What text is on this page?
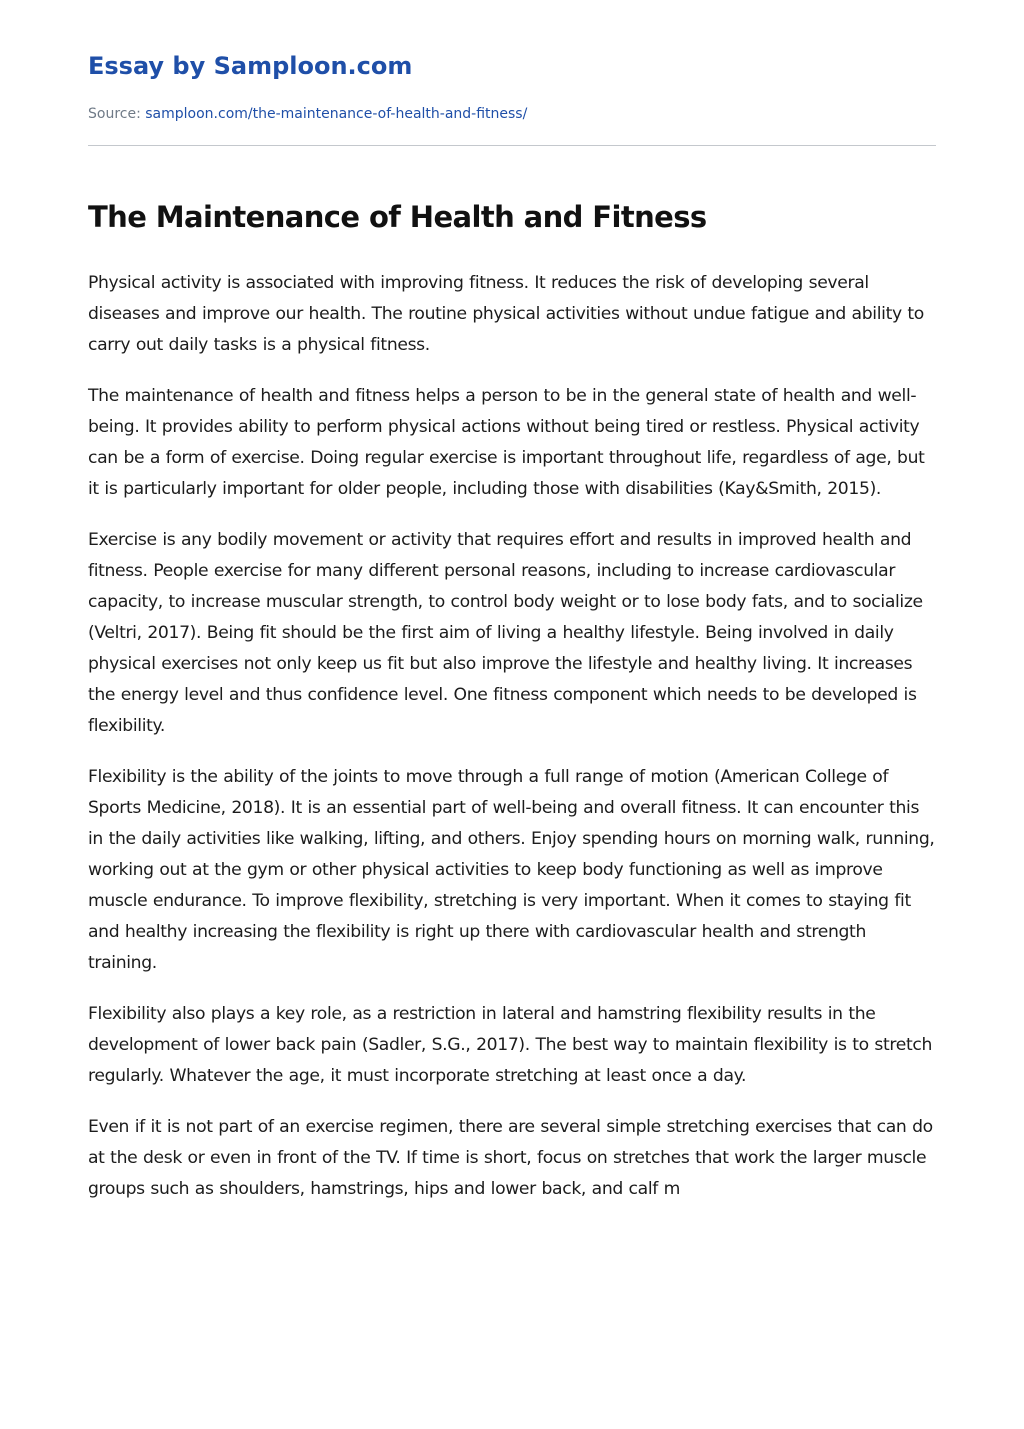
Essay by Samploon.com
Source: samploon.com/the-maintenance-of-health-and-fitness/
The Maintenance of Health and Fitness

Physical activity is associated with improving fitness. It reduces the risk of developing several diseases and improve our health. The routine physical activities without undue fatigue and ability to carry out daily tasks is a physical fitness.

The maintenance of health and fitness helps a person to be in the general state of health and well-being. It provides ability to perform physical actions without being tired or restless. Physical activity can be a form of exercise. Doing regular exercise is important throughout life, regardless of age, but it is particularly important for older people, including those with disabilities (Kay&Smith, 2015).

Exercise is any bodily movement or activity that requires effort and results in improved health and fitness. People exercise for many different personal reasons, including to increase cardiovascular capacity, to increase muscular strength, to control body weight or to lose body fats, and to socialize (Veltri, 2017). Being fit should be the first aim of living a healthy lifestyle. Being involved in daily physical exercises not only keep us fit but also improve the lifestyle and healthy living. It increases the energy level and thus confidence level. One fitness component which needs to be developed is flexibility.

Flexibility is the ability of the joints to move through a full range of motion (American College of Sports Medicine, 2018). It is an essential part of well-being and overall fitness. It can encounter this in the daily activities like walking, lifting, and others. Enjoy spending hours on morning walk, running, working out at the gym or other physical activities to keep body functioning as well as improve muscle endurance. To improve flexibility, stretching is very important. When it comes to staying fit and healthy increasing the flexibility is right up there with cardiovascular health and strength training.

Flexibility also plays a key role, as a restriction in lateral and hamstring flexibility results in the development of lower back pain (Sadler, S.G., 2017). The best way to maintain flexibility is to stretch regularly. Whatever the age, it must incorporate stretching at least once a day.

Even if it is not part of an exercise regimen, there are several simple stretching exercises that can do at the desk or even in front of the TV. If time is short, focus on stretches that work the larger muscle groups such as shoulders, hamstrings, hips and lower back, and calf m
